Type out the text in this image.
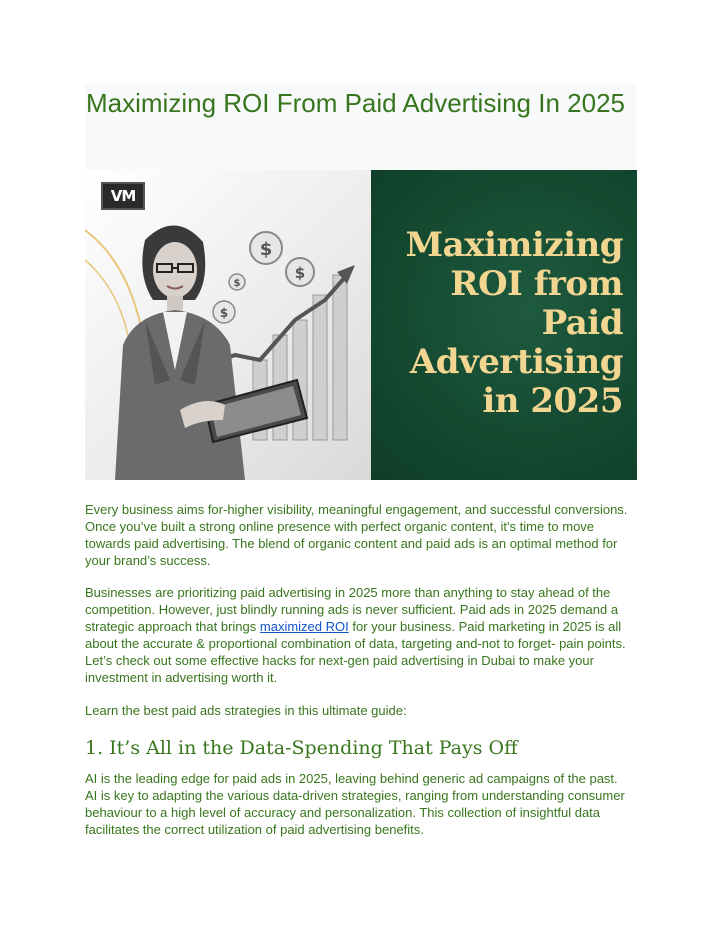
Maximizing ROI From Paid Advertising In 2025
VM
$
$
$
$
Maximizing
ROI from
Paid
Advertising
in 2025

Every business aims for-higher visibility, meaningful engagement, and successful conversions. Once you’ve built a strong online presence with perfect organic content, it's time to move towards paid advertising. The blend of organic content and paid ads is an optimal method for your brand’s success.

Businesses are prioritizing paid advertising in 2025 more than anything to stay ahead of the competition. However, just blindly running ads is never sufficient. Paid ads in 2025 demand a strategic approach that brings maximized ROI for your business. Paid marketing in 2025 is all about the accurate & proportional combination of data, targeting and-not to forget- pain points. Let’s check out some effective hacks for next-gen paid advertising in Dubai to make your investment in advertising worth it.

Learn the best paid ads strategies in this ultimate guide:

1. It’s All in the Data-Spending That Pays Off

AI is the leading edge for paid ads in 2025, leaving behind generic ad campaigns of the past. AI is key to adapting the various data-driven strategies, ranging from understanding consumer behaviour to a high level of accuracy and personalization. This collection of insightful data facilitates the correct utilization of paid advertising benefits.
